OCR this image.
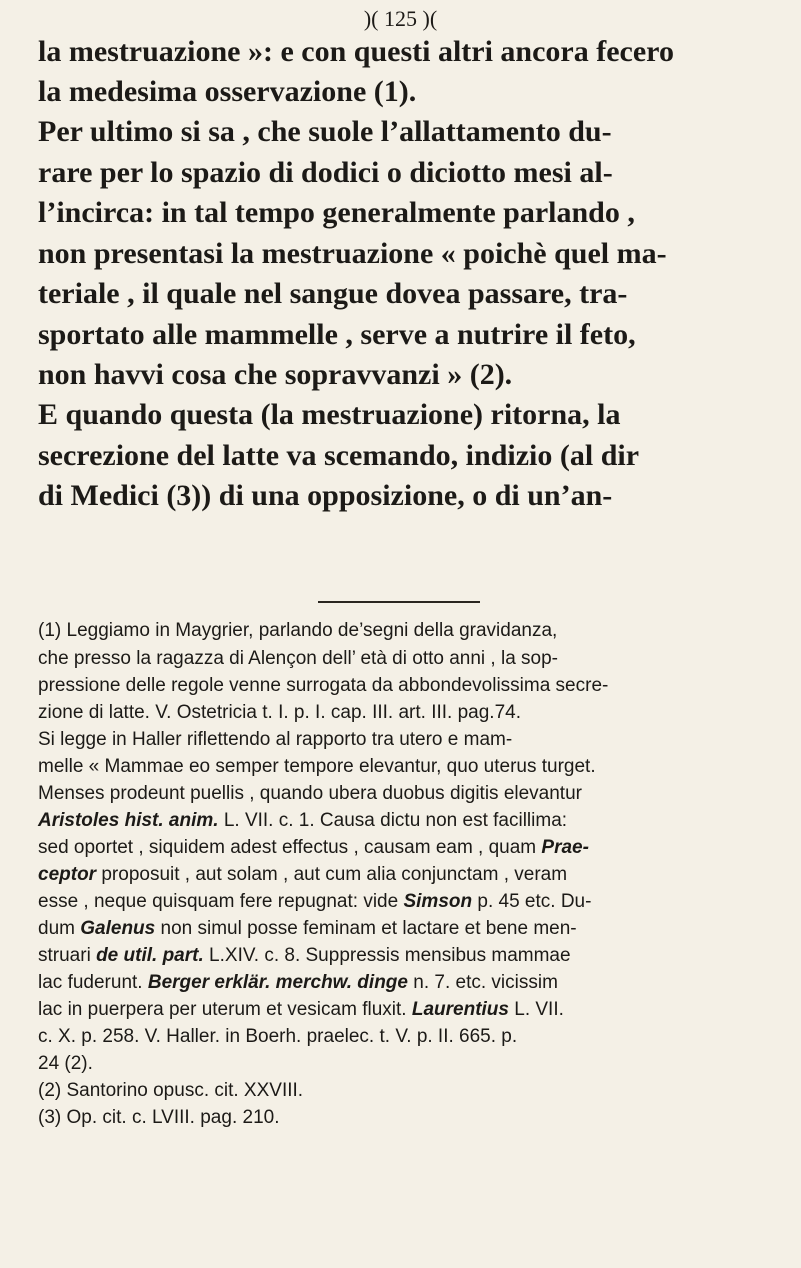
)( 125 )(
la mestruazione »: e con questi altri ancora fecero
la medesima osservazione (1).
Per ultimo si sa , che suole l’allattamento du-
rare per lo spazio di dodici o diciotto mesi al-
l’incirca: in tal tempo generalmente parlando ,
non presentasi la mestruazione « poichè quel ma-
teriale , il quale nel sangue dovea passare, tra-
sportato alle mammelle , serve a nutrire il feto,
non havvi cosa che sopravvanzi » (2).
E quando questa (la mestruazione) ritorna, la
secrezione del latte va scemando, indizio (al dir
di Medici (3)) di una opposizione, o di un’an-
(1) Leggiamo in Maygrier, parlando de’segni della gravidanza,
che presso la ragazza di Alençon dell’ età di otto anni , la sop-
pressione delle regole venne surrogata da abbondevolissima secre-
zione di latte. V. Ostetricia t. I. p. I. cap. III. art. III. pag.74.
Si legge in Haller riflettendo al rapporto tra utero e mam-
melle « Mammae eo semper tempore elevantur, quo uterus turget.
Menses prodeunt puellis , quando ubera duobus digitis elevantur
Aristoles hist. anim. L. VII. c. 1. Causa dictu non est facillima:
sed oportet , siquidem adest effectus , causam eam , quam Prae-
ceptor proposuit , aut solam , aut cum alia conjunctam , veram
esse , neque quisquam fere repugnat: vide Simson p. 45 etc. Du-
dum Galenus non simul posse feminam et lactare et bene men-
struari de util. part. L.XIV. c. 8. Suppressis mensibus mammae
lac fuderunt. Berger erklär. merchw. dinge n. 7. etc. vicissim
lac in puerpera per uterum et vesicam fluxit. Laurentius L. VII.
c. X. p. 258. V. Haller. in Boerh. praelec. t. V. p. II. 665. p.
24 (2).
(2) Santorino opusc. cit. XXVIII.
(3) Op. cit. c. LVIII. pag. 210.
